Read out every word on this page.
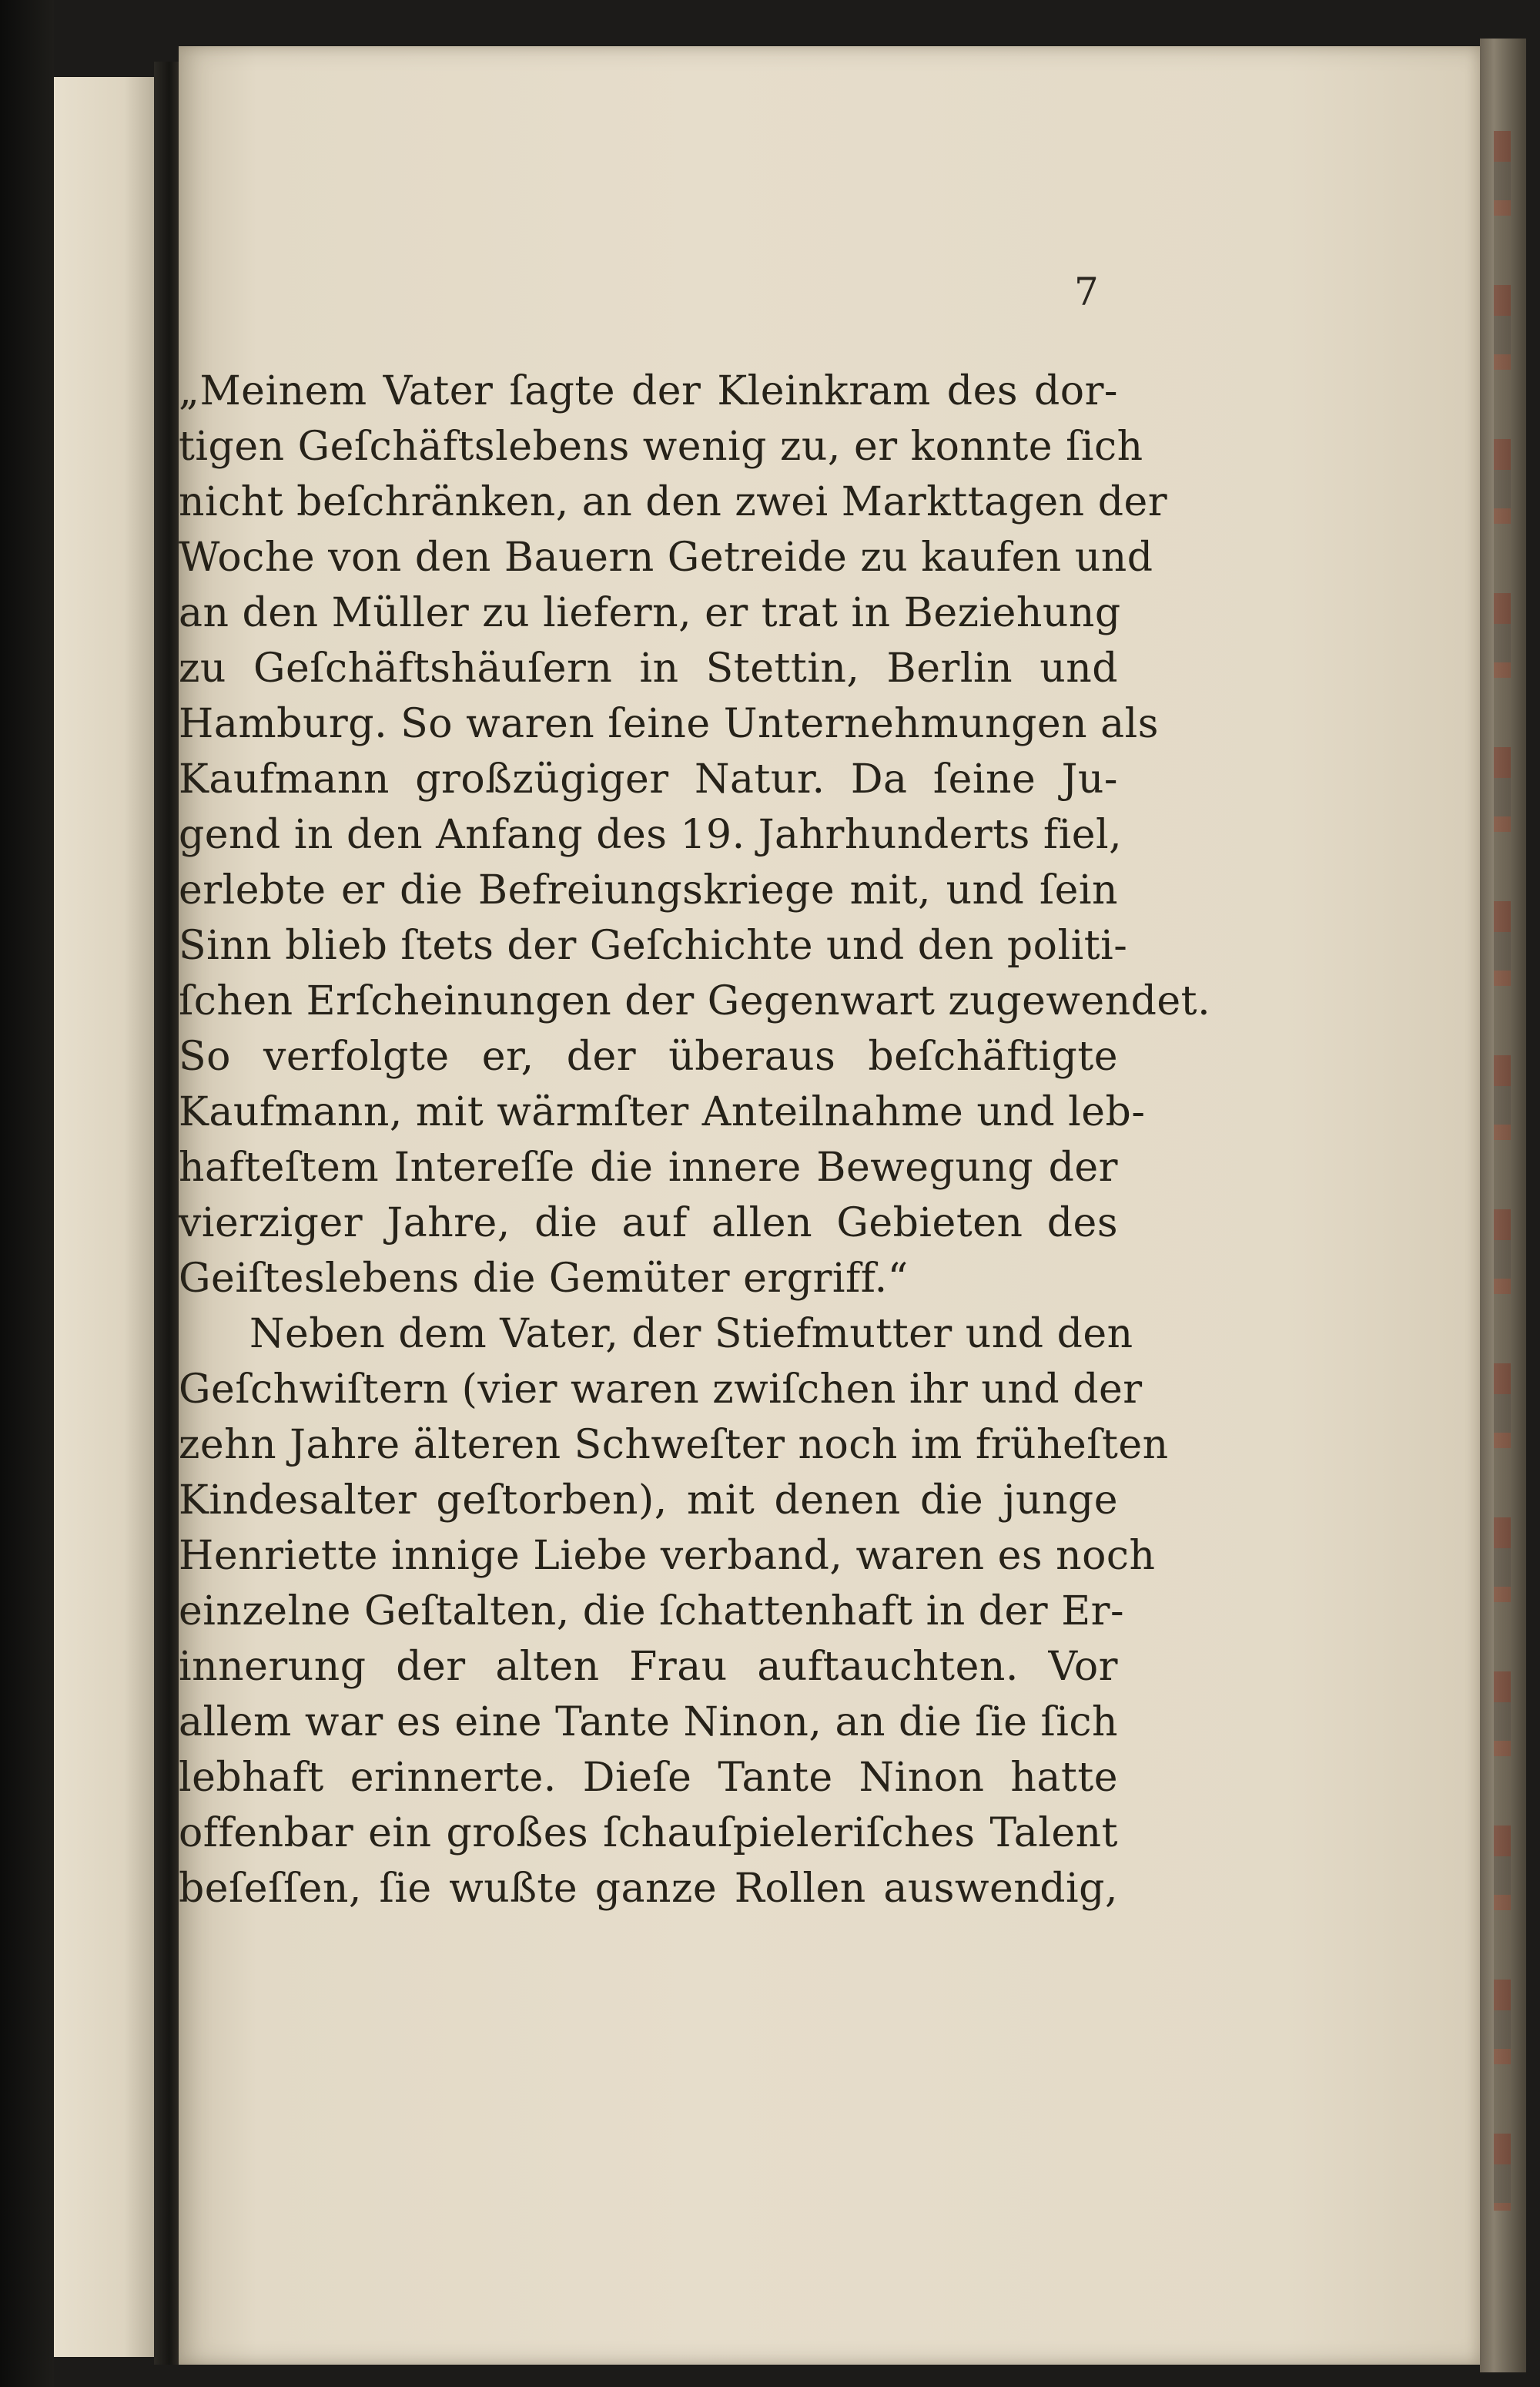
7
„Meinem Vater ſagte der Kleinkram des dor-
tigen Geſchäftslebens wenig zu, er konnte ſich
nicht beſchränken, an den zwei Markttagen der
Woche von den Bauern Getreide zu kaufen und
an den Müller zu liefern, er trat in Beziehung
zu Geſchäftshäuſern in Stettin, Berlin und
Hamburg. So waren ſeine Unternehmungen als
Kaufmann großzügiger Natur. Da ſeine Ju-
gend in den Anfang des 19. Jahrhunderts fiel,
erlebte er die Befreiungskriege mit, und ſein
Sinn blieb ſtets der Geſchichte und den politi-
ſchen Erſcheinungen der Gegenwart zugewendet.
So verfolgte er, der überaus beſchäftigte
Kaufmann, mit wärmſter Anteilnahme und leb-
hafteſtem Intereſſe die innere Bewegung der
vierziger Jahre, die auf allen Gebieten des
Geiſteslebens die Gemüter ergriff.“
Neben dem Vater, der Stiefmutter und den
Geſchwiſtern (vier waren zwiſchen ihr und der
zehn Jahre älteren Schweſter noch im früheſten
Kindesalter geſtorben), mit denen die junge
Henriette innige Liebe verband, waren es noch
einzelne Geſtalten, die ſchattenhaft in der Er-
innerung der alten Frau auftauchten. Vor
allem war es eine Tante Ninon, an die ſie ſich
lebhaft erinnerte. Dieſe Tante Ninon hatte
offenbar ein großes ſchauſpieleriſches Talent
beſeſſen, ſie wußte ganze Rollen auswendig,
